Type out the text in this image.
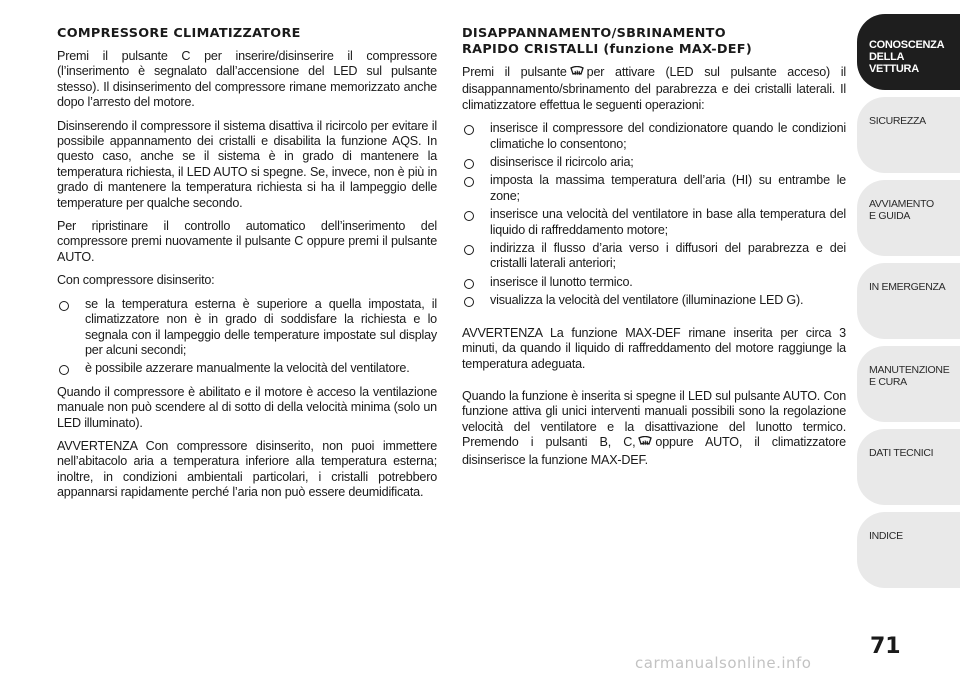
COMPRESSORE CLIMATIZZATORE

Premi il pulsante C per inserire/disinserire il compressore (l’inserimento è segnalato dall’accensione del LED sul pulsante stesso). Il disinserimento del compressore rimane memorizzato anche dopo l’arresto del motore.

Disinserendo il compressore il sistema disattiva il ricircolo per evitare il possibile appannamento dei cristalli e disabilita la funzione AQS. In questo caso, anche se il sistema è in grado di mantenere la temperatura richiesta, il LED AUTO si spegne. Se, invece, non è più in grado di mantenere la temperatura richiesta si ha il lampeggio delle temperature per qualche secondo.

Per ripristinare il controllo automatico dell’inserimento del compressore premi nuovamente il pulsante C oppure premi il pulsante AUTO.

Con compressore disinserito:

se la temperatura esterna è superiore a quella impostata, il climatizzatore non è in grado di soddisfare la richiesta e lo segnala con il lampeggio delle temperature impostate sul display per alcuni secondi;
è possibile azzerare manualmente la velocità del ventilatore.

Quando il compressore è abilitato e il motore è acceso la ventilazione manuale non può scendere al di sotto di della velocità minima (solo un LED illuminato).

AVVERTENZA Con compressore disinserito, non puoi immettere nell’abitacolo aria a temperatura inferiore alla temperatura esterna; inoltre, in condizioni ambientali particolari, i cristalli potrebbero appannarsi rapidamente perché l’aria non può essere deumidificata.

DISAPPANNAMENTO/SBRINAMENTO
RAPIDO CRISTALLI (funzione MAX-DEF)

Premi il pulsante per attivare (LED sul pulsante acceso) il disappannamento/sbrinamento del parabrezza e dei cristalli laterali. Il climatizzatore effettua le seguenti operazioni:

inserisce il compressore del condizionatore quando le condizioni climatiche lo consentono;
disinserisce il ricircolo aria;
imposta la massima temperatura dell’aria (HI) su entrambe le zone;
inserisce una velocità del ventilatore in base alla temperatura del liquido di raffreddamento motore;
indirizza il flusso d’aria verso i diffusori del parabrezza e dei cristalli laterali anteriori;
inserisce il lunotto termico.
visualizza la velocità del ventilatore (illuminazione LED G).

AVVERTENZA La funzione MAX-DEF rimane inserita per circa 3 minuti, da quando il liquido di raffreddamento del motore raggiunge la temperatura adeguata.

Quando la funzione è inserita si spegne il LED sul pulsante AUTO. Con funzione attiva gli unici interventi manuali possibili sono la regolazione velocità del ventilatore e la disattivazione del lunotto termico. Premendo i pulsanti B, C, oppure AUTO, il climatizzatore disinserisce la funzione MAX-DEF.

CONOSCENZA
DELLA
VETTURA
SICUREZZA
AVVIAMENTO
E GUIDA
IN EMERGENZA
MANUTENZIONE
E CURA
DATI TECNICI
INDICE
71
carmanualsonline.info
